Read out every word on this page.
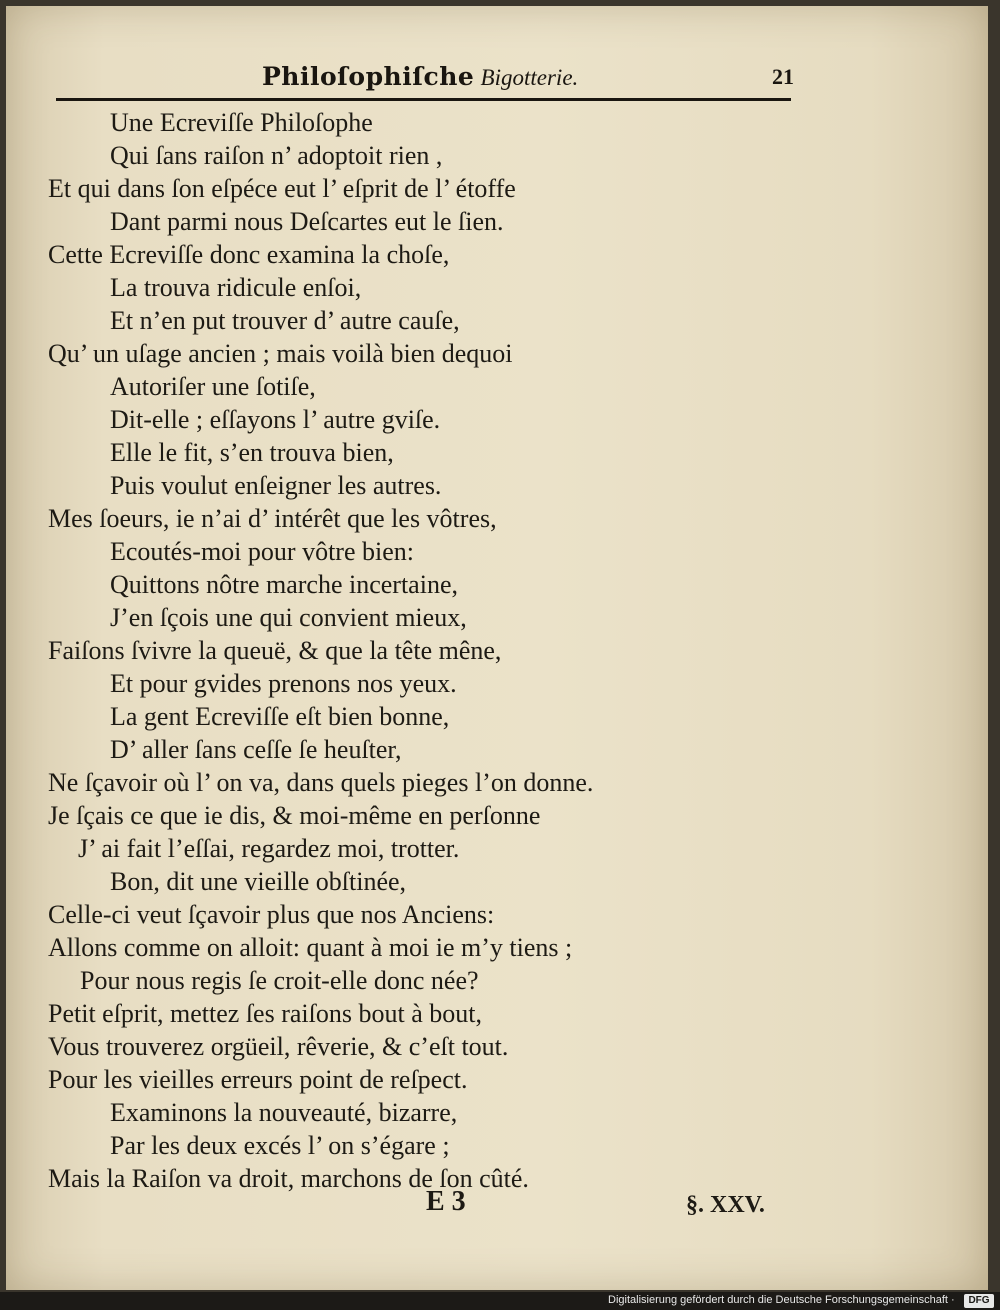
Philoſophiſche Bigotterie.	21
Une Ecreviſſe Philoſophe
Qui ſans raiſon n’ adoptoit rien ,
Et qui dans ſon eſpéce eut l’ eſprit de l’ étoffe
Dant parmi nous Deſcartes eut le ſien.
Cette Ecreviſſe donc examina la choſe,
La trouva ridicule enſoi,
Et n’en put trouver d’ autre cauſe,
Qu’ un uſage ancien ; mais voilà bien dequoi
Autoriſer une ſotiſe,
Dit-elle ; eſſayons l’ autre gviſe.
Elle le fit, s’en trouva bien,
Puis voulut enſeigner les autres.
Mes ſoeurs, ie n’ai d’ intérêt que les vôtres,
Ecoutés-moi pour vôtre bien:
Quittons nôtre marche incertaine,
J’en ſçois une qui convient mieux,
Faiſons ſvivre la queuë, & que la tête mêne,
Et pour gvides prenons nos yeux.
La gent Ecreviſſe eſt bien bonne,
D’ aller ſans ceſſe ſe heuſter,
Ne ſçavoir où l’ on va, dans quels pieges l’on donne.
Je ſçais ce que ie dis, & moi-même en perſonne
J’ ai fait l’eſſai, regardez moi, trotter.
Bon, dit une vieille obſtinée,
Celle-ci veut ſçavoir plus que nos Anciens:
Allons comme on alloit: quant à moi ie m’y tiens ;
Pour nous regis ſe croit-elle donc née?
Petit eſprit, mettez ſes raiſons bout à bout,
Vous trouverez orgüeil, rêverie, & c’eſt tout.
Pour les vieilles erreurs point de reſpect.
Examinons la nouveauté, bizarre,
Par les deux excés l’ on s’égare ;
Mais la Raiſon va droit, marchons de ſon cûté.
E 3	§. XXV.
Digitalisierung gefördert durch die Deutsche Forschungsgemeinschaft ·	DFG
